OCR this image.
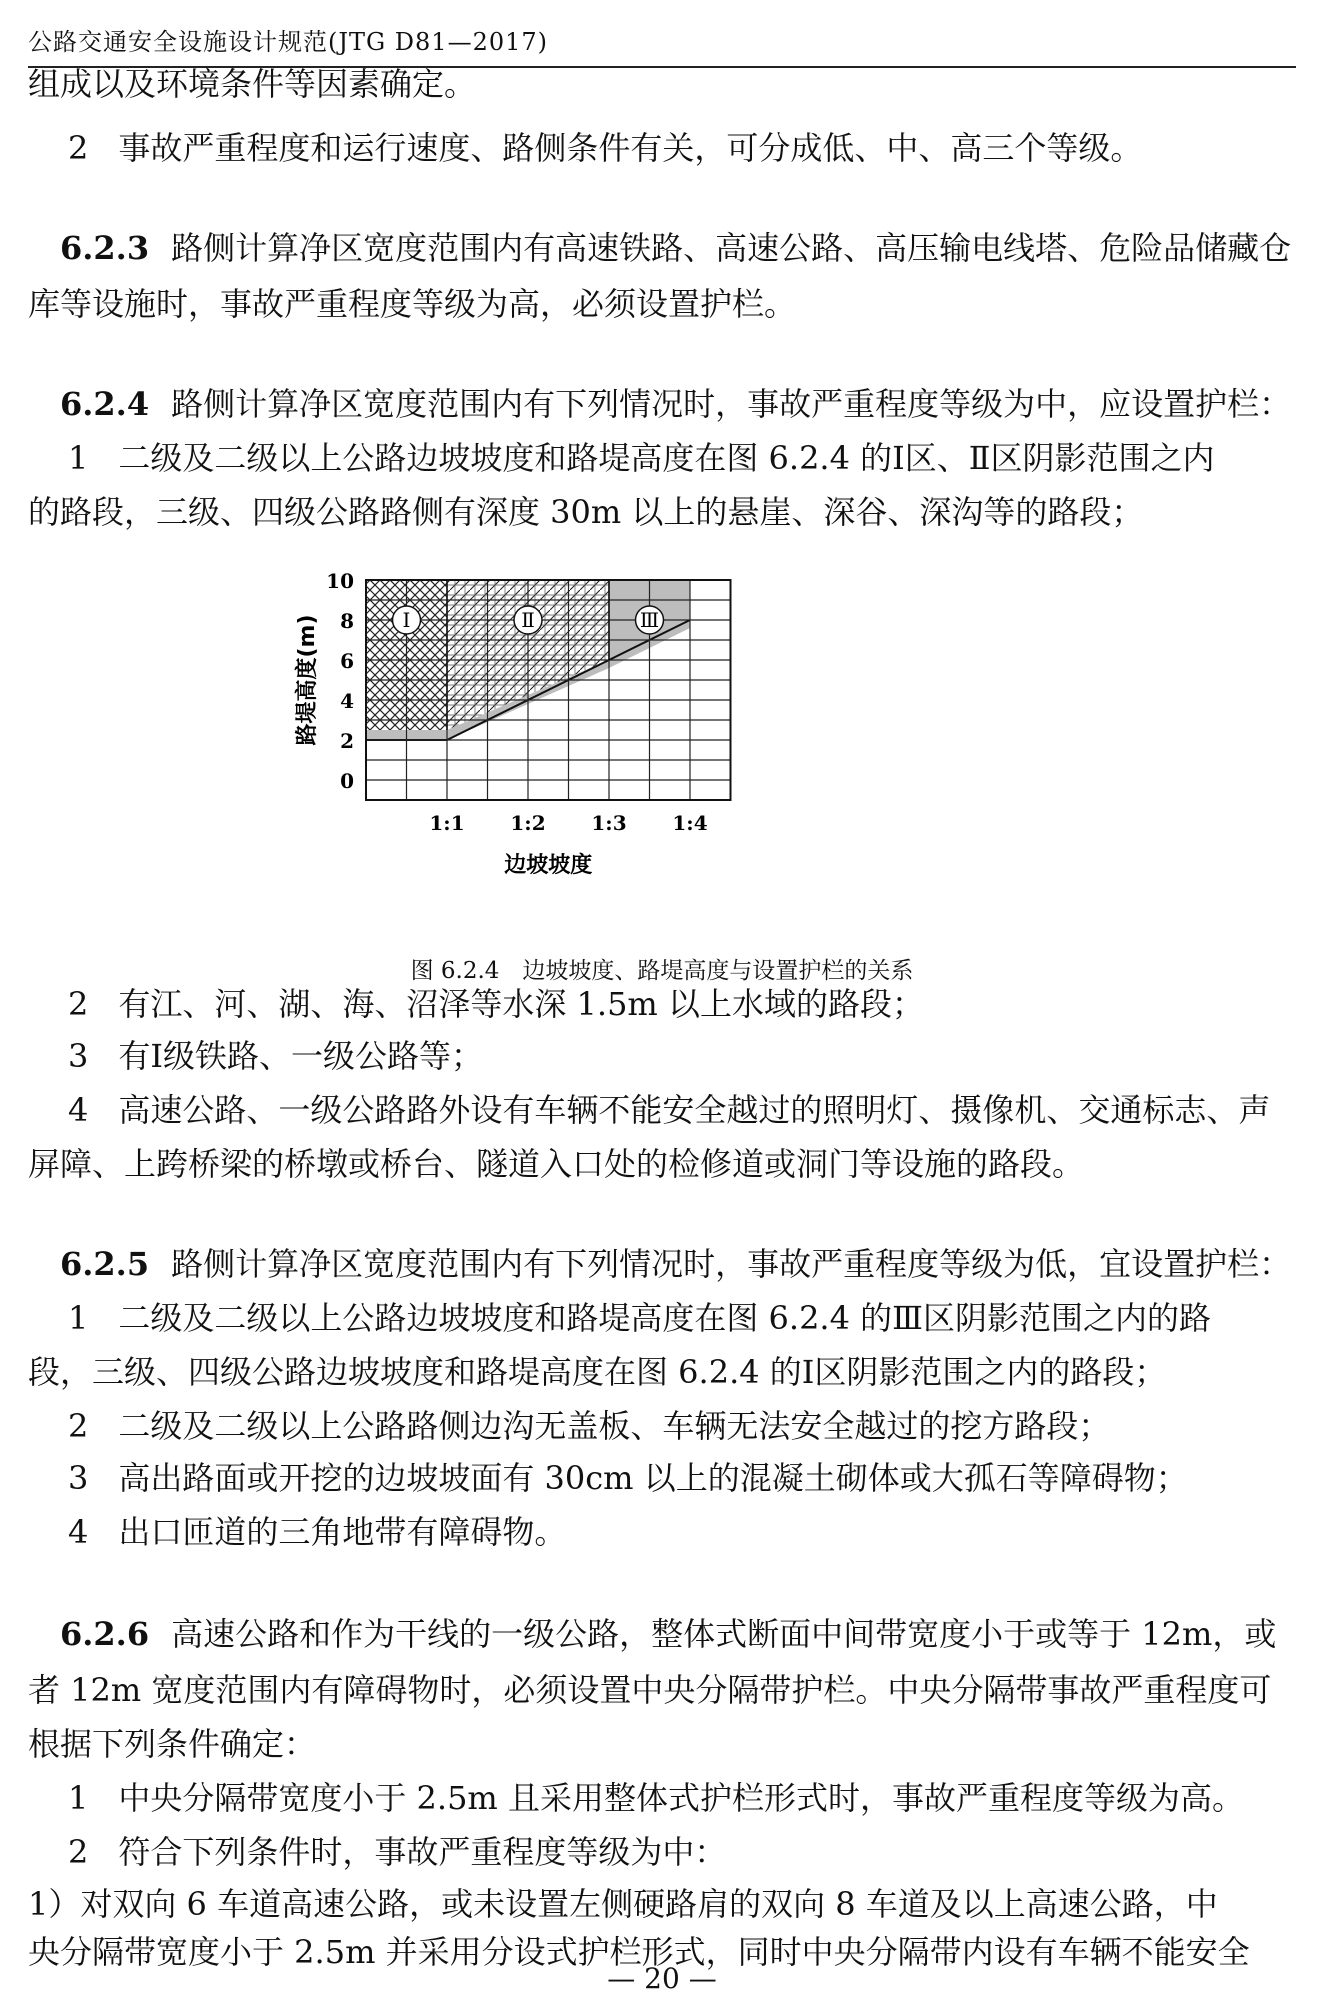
公路交通安全设施设计规范(JTG D81—2017)
组成以及环境条件等因素确定。
2 事故严重程度和运行速度、路侧条件有关，可分成低、中、高三个等级。
6.2.3 路侧计算净区宽度范围内有高速铁路、高速公路、高压输电线塔、危险品储藏仓
库等设施时，事故严重程度等级为高，必须设置护栏。
6.2.4 路侧计算净区宽度范围内有下列情况时，事故严重程度等级为中，应设置护栏：
1 二级及二级以上公路边坡坡度和路堤高度在图 6.2.4 的Ⅰ区、Ⅱ区阴影范围之内
的路段，三级、四级公路路侧有深度 30m 以上的悬崖、深谷、深沟等的路段；
2 有江、河、湖、海、沼泽等水深 1.5m 以上水域的路段；
3 有Ⅰ级铁路、一级公路等；
4 高速公路、一级公路路外设有车辆不能安全越过的照明灯、摄像机、交通标志、声
屏障、上跨桥梁的桥墩或桥台、隧道入口处的检修道或洞门等设施的路段。
6.2.5 路侧计算净区宽度范围内有下列情况时，事故严重程度等级为低，宜设置护栏：
1 二级及二级以上公路边坡坡度和路堤高度在图 6.2.4 的Ⅲ区阴影范围之内的路
段，三级、四级公路边坡坡度和路堤高度在图 6.2.4 的Ⅰ区阴影范围之内的路段；
2 二级及二级以上公路路侧边沟无盖板、车辆无法安全越过的挖方路段；
3 高出路面或开挖的边坡坡面有 30cm 以上的混凝土砌体或大孤石等障碍物；
4 出口匝道的三角地带有障碍物。
6.2.6 高速公路和作为干线的一级公路，整体式断面中间带宽度小于或等于 12m，或
者 12m 宽度范围内有障碍物时，必须设置中央分隔带护栏。中央分隔带事故严重程度可
根据下列条件确定：
1 中央分隔带宽度小于 2.5m 且采用整体式护栏形式时，事故严重程度等级为高。
2 符合下列条件时，事故严重程度等级为中：
1）对双向 6 车道高速公路，或未设置左侧硬路肩的双向 8 车道及以上高速公路，中
央分隔带宽度小于 2.5m 并采用分设式护栏形式，同时中央分隔带内设有车辆不能安全
0
2
4
6
8
10
1:1 1:2 1:3 1:4
边坡坡度
路堤高度(m)	Ⅰ	Ⅱ	Ⅲ
图 6.2.4　边坡坡度、路堤高度与设置护栏的关系
— 20 —
